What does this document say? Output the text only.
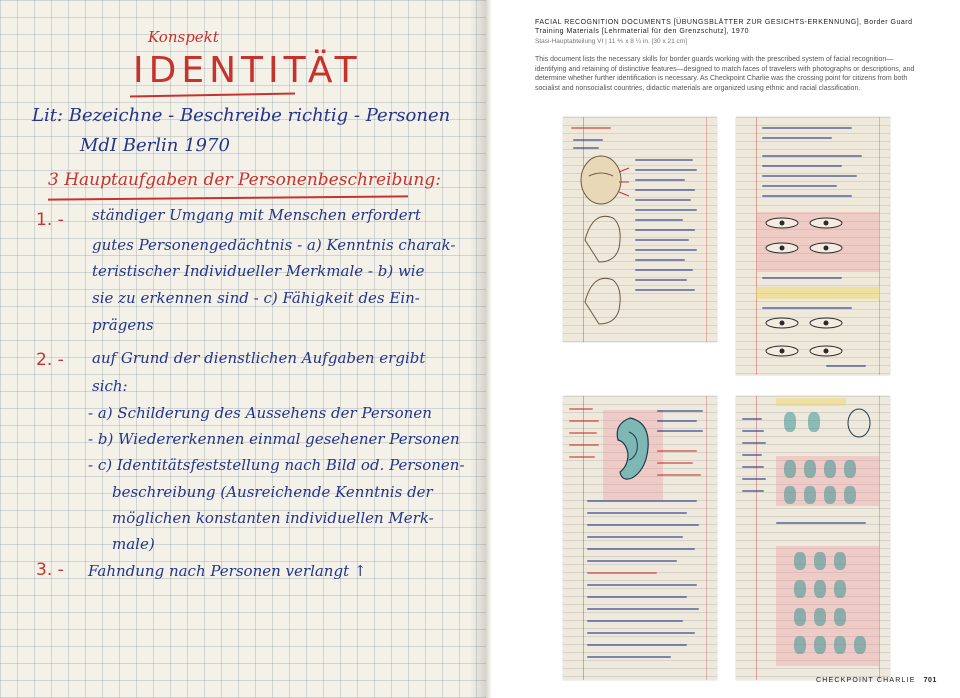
Konspekt
IDENTITÄT
Lit: Bezeichne - Beschreibe richtig - Personen
MdI Berlin 1970
3 Hauptaufgaben der Personenbeschreibung:
1. -
2. -
3. -
ständiger Umgang mit Menschen erfordert
gutes Personengedächtnis - a) Kenntnis charak-
teristischer Individueller Merkmale - b) wie
sie zu erkennen sind - c) Fähigkeit des Ein-
prägens
auf Grund der dienstlichen Aufgaben ergibt
sich:
- a) Schilderung des Aussehens der Personen
- b) Wiedererkennen einmal gesehener Personen
- c) Identitätsfeststellung nach Bild od. Personen-
beschreibung (Ausreichende Kenntnis der
möglichen konstanten individuellen Merk-
male)
Fahndung nach Personen verlangt ↑
FACIAL RECOGNITION DOCUMENTS [ÜBUNGSBLÄTTER ZUR GESICHTS-ERKENNUNG], Border Guard Training Materials [Lehrmaterial für den Grenzschutz], 1970
Stasi-Hauptabteilung VI | 11 ⅘ x 8 ¼ in. [30 x 21 cm]
This document lists the necessary skills for border guards working with the prescribed system of facial recognition—identifying and retaining of distinctive features—designed to match faces of travelers with photographs or descriptions, and determine whether further identification is necessary. As Checkpoint Charlie was the crossing point for citizens from both socialist and nonsocialist countries, didactic materials are organized using ethnic and racial classification.
CHECKPOINT CHARLIE 701
